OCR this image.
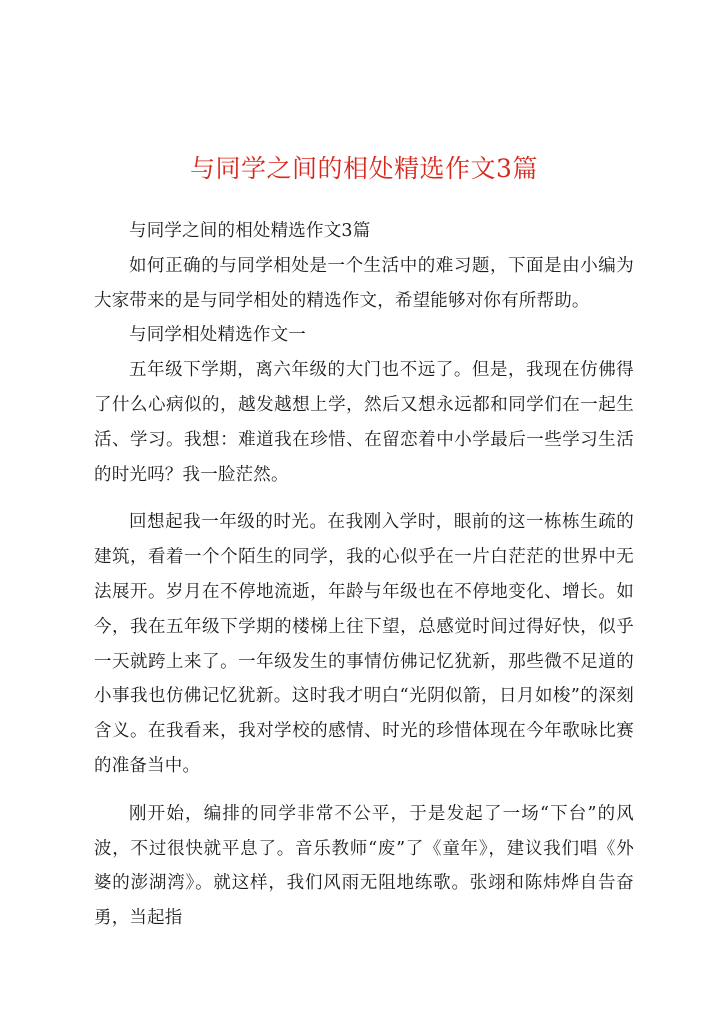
与同学之间的相处精选作文3篇

与同学之间的相处精选作文3篇

如何正确的与同学相处是一个生活中的难习题，下面是由小编为大家带来的是与同学相处的精选作文，希望能够对你有所帮助。

与同学相处精选作文一

五年级下学期，离六年级的大门也不远了。但是，我现在仿佛得了什么心病似的，越发越想上学，然后又想永远都和同学们在一起生活、学习。我想：难道我在珍惜、在留恋着中小学最后一些学习生活的时光吗？我一脸茫然。

回想起我一年级的时光。在我刚入学时，眼前的这一栋栋生疏的建筑，看着一个个陌生的同学，我的心似乎在一片白茫茫的世界中无法展开。岁月在不停地流逝，年龄与年级也在不停地变化、增长。如今，我在五年级下学期的楼梯上往下望，总感觉时间过得好快，似乎一天就跨上来了。一年级发生的事情仿佛记忆犹新，那些微不足道的小事我也仿佛记忆犹新。这时我才明白“光阴似箭，日月如梭”的深刻含义。在我看来，我对学校的感情、时光的珍惜体现在今年歌咏比赛的准备当中。

刚开始，编排的同学非常不公平，于是发起了一场“下台”的风波，不过很快就平息了。音乐教师“废”了《童年》，建议我们唱《外婆的澎湖湾》。就这样，我们风雨无阻地练歌。张翊和陈炜烨自告奋勇，当起指
